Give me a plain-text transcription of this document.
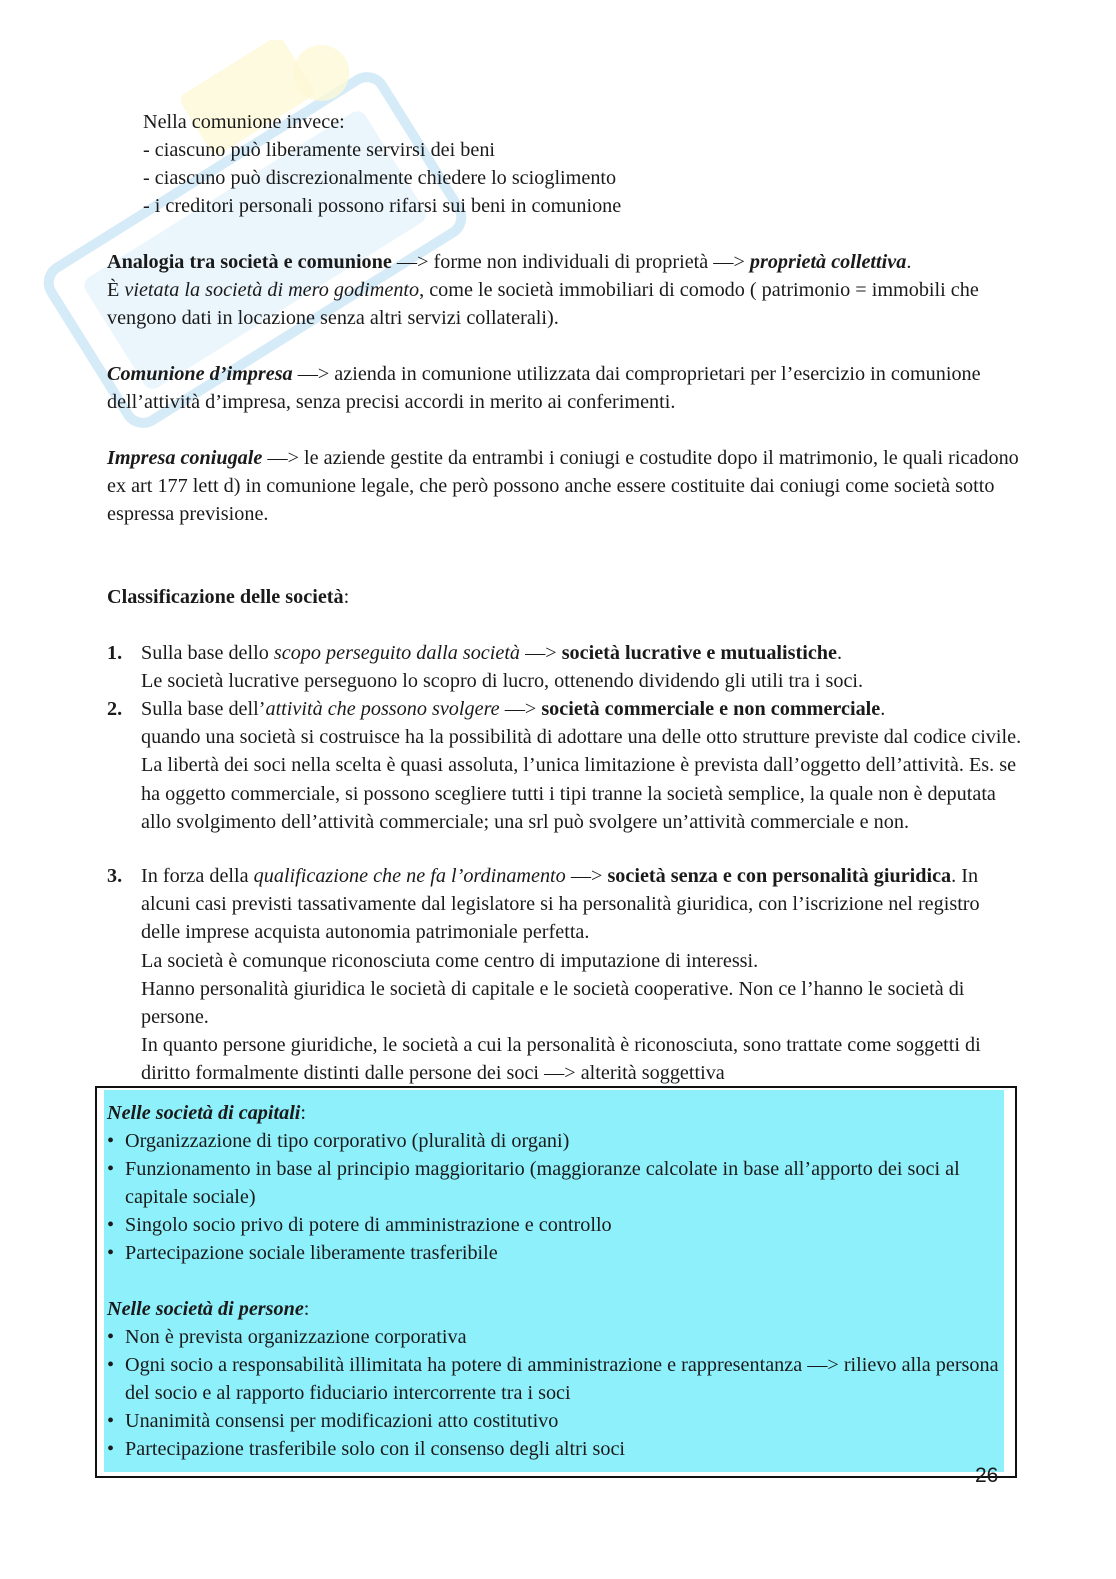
Nella comunione invece:
- ciascuno può liberamente servirsi dei beni
- ciascuno può discrezionalmente chiedere lo scioglimento
- i creditori personali possono rifarsi sui beni in comunione

Analogia tra società e comunione —> forme non individuali di proprietà —> proprietà collettiva.
È vietata la società di mero godimento, come le società immobiliari di comodo ( patrimonio = immobili che vengono dati in locazione senza altri servizi collaterali).

Comunione d’impresa —> azienda in comunione utilizzata dai comproprietari per l’esercizio in comunione dell’attività d’impresa, senza precisi accordi in merito ai conferimenti.

Impresa coniugale —> le aziende gestite da entrambi i coniugi e costudite dopo il matrimonio, le quali ricadono ex art 177 lett d) in comunione legale, che però possono anche essere costituite dai coniugi come società sotto espressa previsione.

Classificazione delle società:
1. Sulla base dello scopo perseguito dalla società —> società lucrative e mutualistiche.
Le società lucrative perseguono lo scopro di lucro, ottenendo dividendo gli utili tra i soci.
2. Sulla base dell’attività che possono svolgere —> società commerciale e non commerciale.
quando una società si costruisce ha la possibilità di adottare una delle otto strutture previste dal codice civile. La libertà dei soci nella scelta è quasi assoluta, l’unica limitazione è prevista dall’oggetto dell’attività. Es. se ha oggetto commerciale, si possono scegliere tutti i tipi tranne la società semplice, la quale non è deputata allo svolgimento dell’attività commerciale; una srl può svolgere un’attività commerciale e non.
3. In forza della qualificazione che ne fa l’ordinamento —> società senza e con personalità giuridica. In alcuni casi previsti tassativamente dal legislatore si ha personalità giuridica, con l’iscrizione nel registro delle imprese acquista autonomia patrimoniale perfetta.
La società è comunque riconosciuta come centro di imputazione di interessi.
Hanno personalità giuridica le società di capitale e le società cooperative. Non ce l’hanno le società di persone.
In quanto persone giuridiche, le società a cui la personalità è riconosciuta, sono trattate come soggetti di diritto formalmente distinti dalle persone dei soci —> alterità soggettiva
Nelle società di capitali:
• Organizzazione di tipo corporativo (pluralità di organi)
• Funzionamento in base al principio maggioritario (maggioranze calcolate in base all’apporto dei soci al capitale sociale)
• Singolo socio privo di potere di amministrazione e controllo
• Partecipazione sociale liberamente trasferibile
Nelle società di persone:
• Non è prevista organizzazione corporativa
• Ogni socio a responsabilità illimitata ha potere di amministrazione e rappresentanza —> rilievo alla persona del socio e al rapporto fiduciario intercorrente tra i soci
• Unanimità consensi per modificazioni atto costitutivo
• Partecipazione trasferibile solo con il consenso degli altri soci
26
